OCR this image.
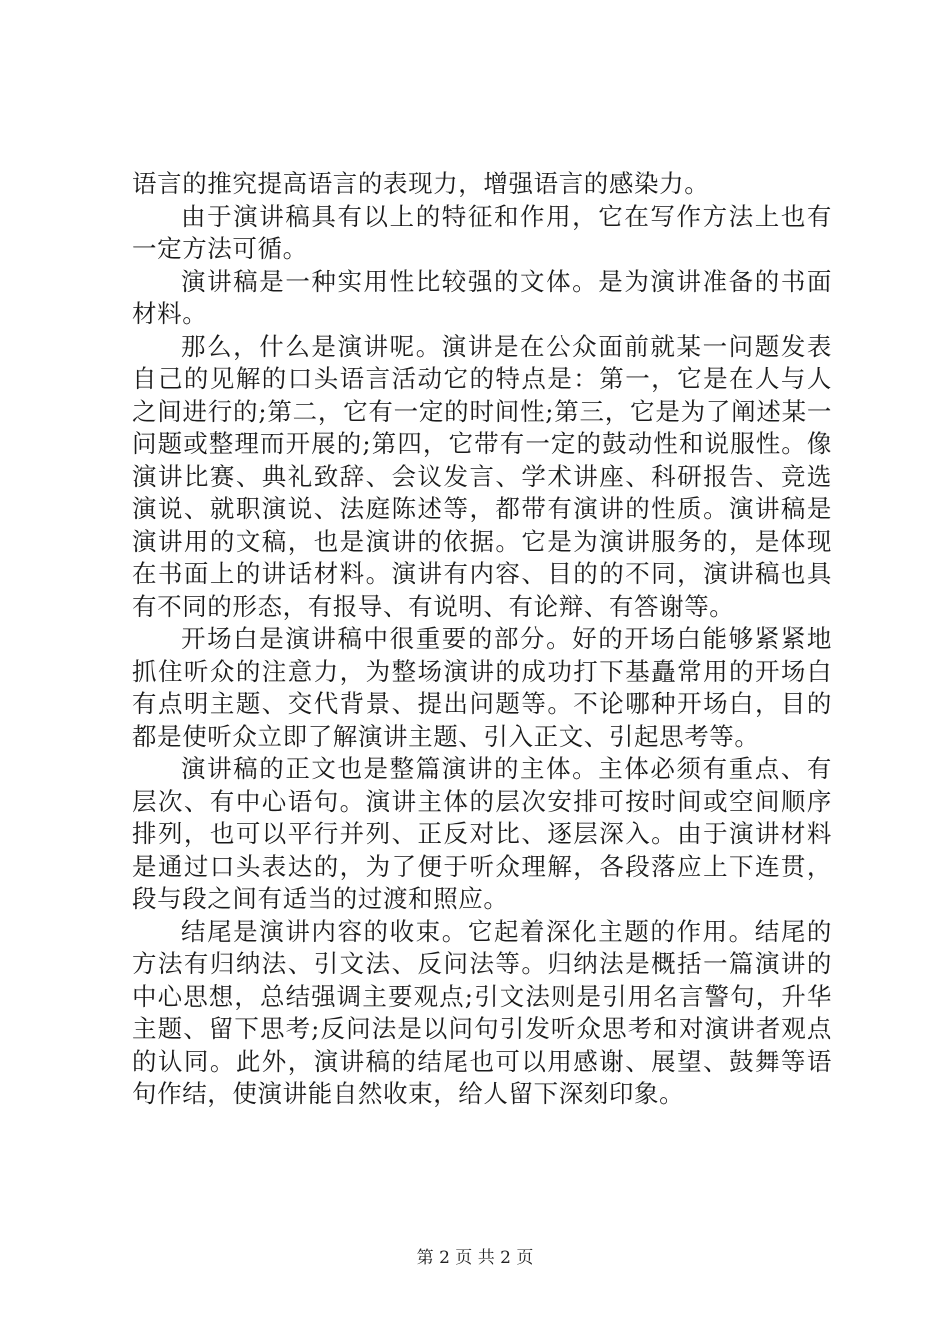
语言的推究提高语言的表现力，增强语言的感染力。

由于演讲稿具有以上的特征和作用，它在写作方法上也有一定方法可循。

演讲稿是一种实用性比较强的文体。是为演讲准备的书面材料。

那么，什么是演讲呢。演讲是在公众面前就某一问题发表自己的见解的口头语言活动它的特点是：第一，它是在人与人之间进行的;第二，它有一定的时间性;第三，它是为了阐述某一问题或整理而开展的;第四，它带有一定的鼓动性和说服性。像演讲比赛、典礼致辞、会议发言、学术讲座、科研报告、竞选演说、就职演说、法庭陈述等，都带有演讲的性质。演讲稿是演讲用的文稿，也是演讲的依据。它是为演讲服务的，是体现在书面上的讲话材料。演讲有内容、目的的不同，演讲稿也具有不同的形态，有报导、有说明、有论辩、有答谢等。

开场白是演讲稿中很重要的部分。好的开场白能够紧紧地抓住听众的注意力，为整场演讲的成功打下基矗常用的开场白有点明主题、交代背景、提出问题等。不论哪种开场白，目的都是使听众立即了解演讲主题、引入正文、引起思考等。

演讲稿的正文也是整篇演讲的主体。主体必须有重点、有层次、有中心语句。演讲主体的层次安排可按时间或空间顺序排列，也可以平行并列、正反对比、逐层深入。由于演讲材料是通过口头表达的，为了便于听众理解，各段落应上下连贯，段与段之间有适当的过渡和照应。

结尾是演讲内容的收束。它起着深化主题的作用。结尾的方法有归纳法、引文法、反问法等。归纳法是概括一篇演讲的中心思想，总结强调主要观点;引文法则是引用名言警句，升华主题、留下思考;反问法是以问句引发听众思考和对演讲者观点的认同。此外，演讲稿的结尾也可以用感谢、展望、鼓舞等语句作结，使演讲能自然收束，给人留下深刻印象。

第 2 页 共 2 页
